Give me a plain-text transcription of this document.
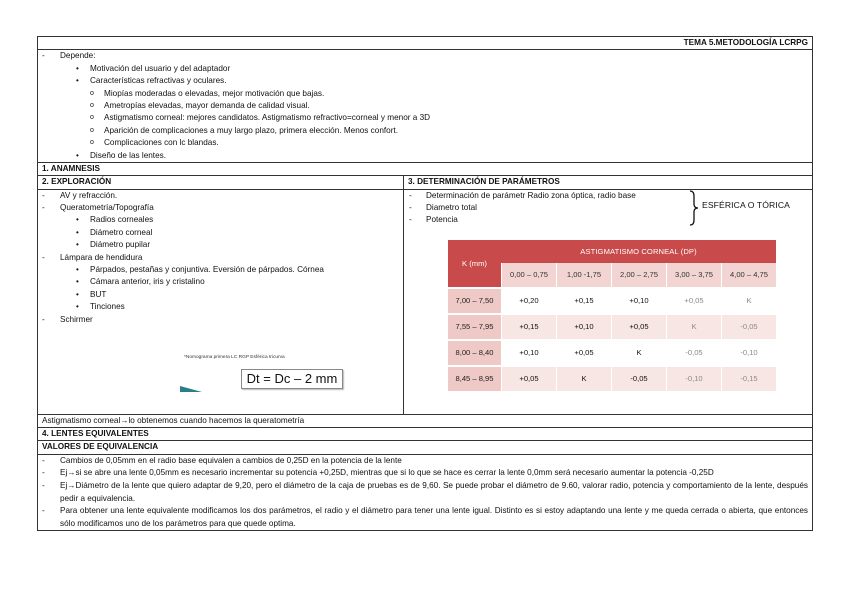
TEMA 5.METODOLOGÍA LCRPG
- Depende:
• Motivación del usuario y del adaptador
• Características refractivas y oculares.
o Miopías moderadas o elevadas, mejor motivación que bajas.
o Ametropías elevadas, mayor demanda de calidad visual.
o Astigmatismo corneal: mejores candidatos. Astigmatismo refractivo=corneal y menor a 3D
o Aparición de complicaciones a muy largo plazo, primera elección. Menos confort.
o Complicaciones con lc blandas.
• Diseño de las lentes.
1. ANAMNESIS
2. EXPLORACIÓN	3. DETERMINACIÓN DE PARÁMETROS
- AV y refracción.
- Queratometría/Topografía
• Radios corneales
• Diámetro corneal
• Diámetro pupilar
- Lámpara de hendidura
• Párpados, pestañas y conjuntiva. Eversión de párpados. Córnea
• Cámara anterior, iris y cristalino
• BUT
• Tinciones
- Schirmer
*Nomograma primera LC RGP Esférica tricurva
Dt = Dc – 2 mm
- Determinación de parámetr Radio zona óptica, radio base
- Diametro total
- Potencia
ESFÉRICA O TÓRICA
K (mm)	ASTIGMATISMO CORNEAL (DP)				
	0,00 – 0,75	1,00 -1,75	2,00 – 2,75	3,00 – 3,75	4,00 – 4,75
7,00 – 7,50	+0,20	+0,15	+0,10	+0,05	K
7,55 – 7,95	+0,15	+0,10	+0,05	K	-0,05
8,00 – 8,40	+0,10	+0,05	K	-0,05	-0,10
8,45 – 8,95	+0,05	K	-0,05	-0,10	-0,15
Astigmatismo corneal→lo obtenemos cuando hacemos la queratometría
4. LENTES EQUIVALENTES
VALORES DE EQUIVALENCIA
- Cambios de 0,05mm en el radio base equivalen a cambios de 0,25D en la potencia de la lente
- Ej→si se abre una lente 0,05mm es necesario incrementar su potencia +0,25D, mientras que si lo que se hace es cerrar la lente 0,0mm será necesario aumentar la potencia -0,25D
- Ej→Diámetro de la lente que quiero adaptar de 9,20, pero el diámetro de la caja de pruebas es de 9,60. Se puede probar el diámetro de 9.60, valorar radio, potencia y comportamiento de la lente, después pedir a equivalencia.
- Para obtener una lente equivalente modificamos los dos parámetros, el radio y el diámetro para tener una lente igual. Distinto es si estoy adaptando una lente y me queda cerrada o abierta, que entonces sólo modificamos uno de los parámetros para que quede optima.
